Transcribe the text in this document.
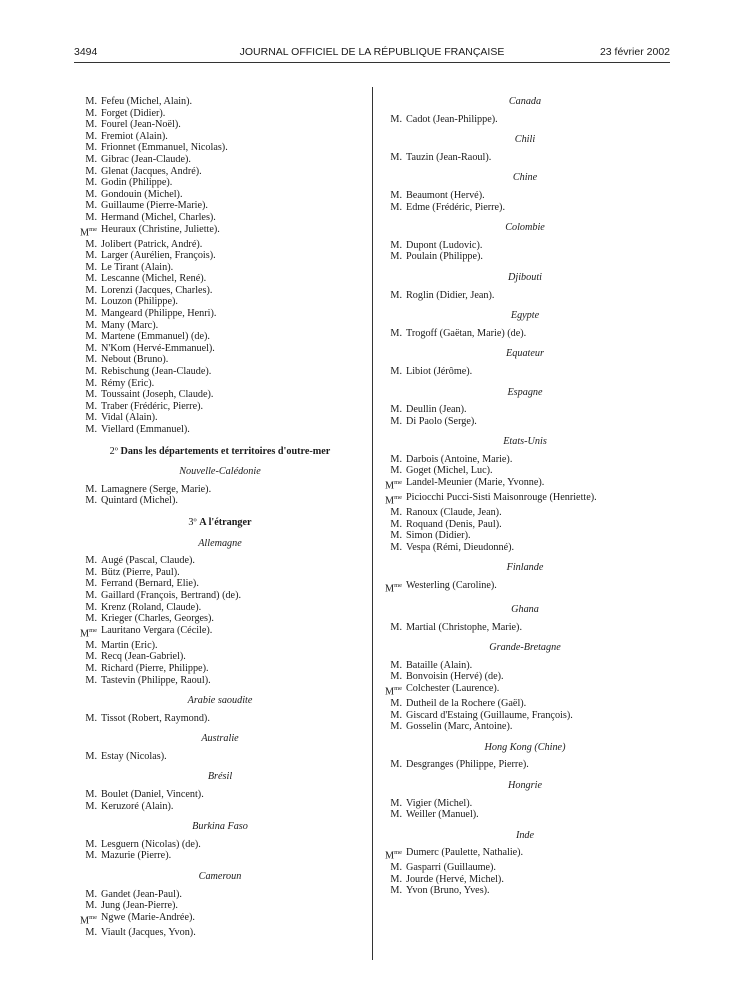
3494	JOURNAL OFFICIEL DE LA RÉPUBLIQUE FRANÇAISE	23 février 2002
M. Fefeu (Michel, Alain).
M. Forget (Didier).
M. Fourel (Jean-Noël).
M. Fremiot (Alain).
M. Frionnet (Emmanuel, Nicolas).
M. Gibrac (Jean-Claude).
M. Glenat (Jacques, André).
M. Godin (Philippe).
M. Gondouin (Michel).
M. Guillaume (Pierre-Marie).
M. Hermand (Michel, Charles).
$M^{me}$ Heuraux (Christine, Juliette).
M. Jolibert (Patrick, André).
M. Larger (Aurélien, François).
M. Le Tirant (Alain).
M. Lescanne (Michel, René).
M. Lorenzi (Jacques, Charles).
M. Louzon (Philippe).
M. Mangeard (Philippe, Henri).
M. Many (Marc).
M. Martene (Emmanuel) (de).
M. N'Kom (Hervé-Emmanuel).
M. Nebout (Bruno).
M. Rebischung (Jean-Claude).
M. Rémy (Eric).
M. Toussaint (Joseph, Claude).
M. Traber (Frédéric, Pierre).
M. Vidal (Alain).
M. Viellard (Emmanuel).
2º Dans les départements et territoires d'outre-mer
Nouvelle-Calédonie
M. Lamagnere (Serge, Marie).
M. Quintard (Michel).
3º A l'étranger
Allemagne
M. Augé (Pascal, Claude).
M. Bütz (Pierre, Paul).
M. Ferrand (Bernard, Elie).
M. Gaillard (François, Bertrand) (de).
M. Krenz (Roland, Claude).
M. Krieger (Charles, Georges).
$M^{me}$ Lauritano Vergara (Cécile).
M. Martin (Eric).
M. Recq (Jean-Gabriel).
M. Richard (Pierre, Philippe).
M. Tastevin (Philippe, Raoul).
Arabie saoudite
M. Tissot (Robert, Raymond).
Australie
M. Estay (Nicolas).
Brésil
M. Boulet (Daniel, Vincent).
M. Keruzoré (Alain).
Burkina Faso
M. Lesguern (Nicolas) (de).
M. Mazurie (Pierre).
Cameroun
M. Gandet (Jean-Paul).
M. Jung (Jean-Pierre).
$M^{me}$ Ngwe (Marie-Andrée).
M. Viault (Jacques, Yvon).
Canada
M. Cadot (Jean-Philippe).
Chili
M. Tauzin (Jean-Raoul).
Chine
M. Beaumont (Hervé).
M. Edme (Frédéric, Pierre).
Colombie
M. Dupont (Ludovic).
M. Poulain (Philippe).
Djibouti
M. Roglin (Didier, Jean).
Egypte
M. Trogoff (Gaëtan, Marie) (de).
Equateur
M. Libiot (Jérôme).
Espagne
M. Deullin (Jean).
M. Di Paolo (Serge).
Etats-Unis
M. Darbois (Antoine, Marie).
M. Goget (Michel, Luc).
$M^{me}$ Landel-Meunier (Marie, Yvonne).
$M^{me}$ Piciocchi Pucci-Sisti Maisonrouge (Henriette).
M. Ranoux (Claude, Jean).
M. Roquand (Denis, Paul).
M. Simon (Didier).
M. Vespa (Rémi, Dieudonné).
Finlande
$M^{me}$ Westerling (Caroline).
Ghana
M. Martial (Christophe, Marie).
Grande-Bretagne
M. Bataille (Alain).
M. Bonvoisin (Hervé) (de).
$M^{me}$ Colchester (Laurence).
M. Dutheil de la Rochere (Gaël).
M. Giscard d'Estaing (Guillaume, François).
M. Gosselin (Marc, Antoine).
Hong Kong (Chine)
M. Desgranges (Philippe, Pierre).
Hongrie
M. Vigier (Michel).
M. Weiller (Manuel).
Inde
$M^{me}$ Dumerc (Paulette, Nathalie).
M. Gasparri (Guillaume).
M. Jourde (Hervé, Michel).
M. Yvon (Bruno, Yves).
